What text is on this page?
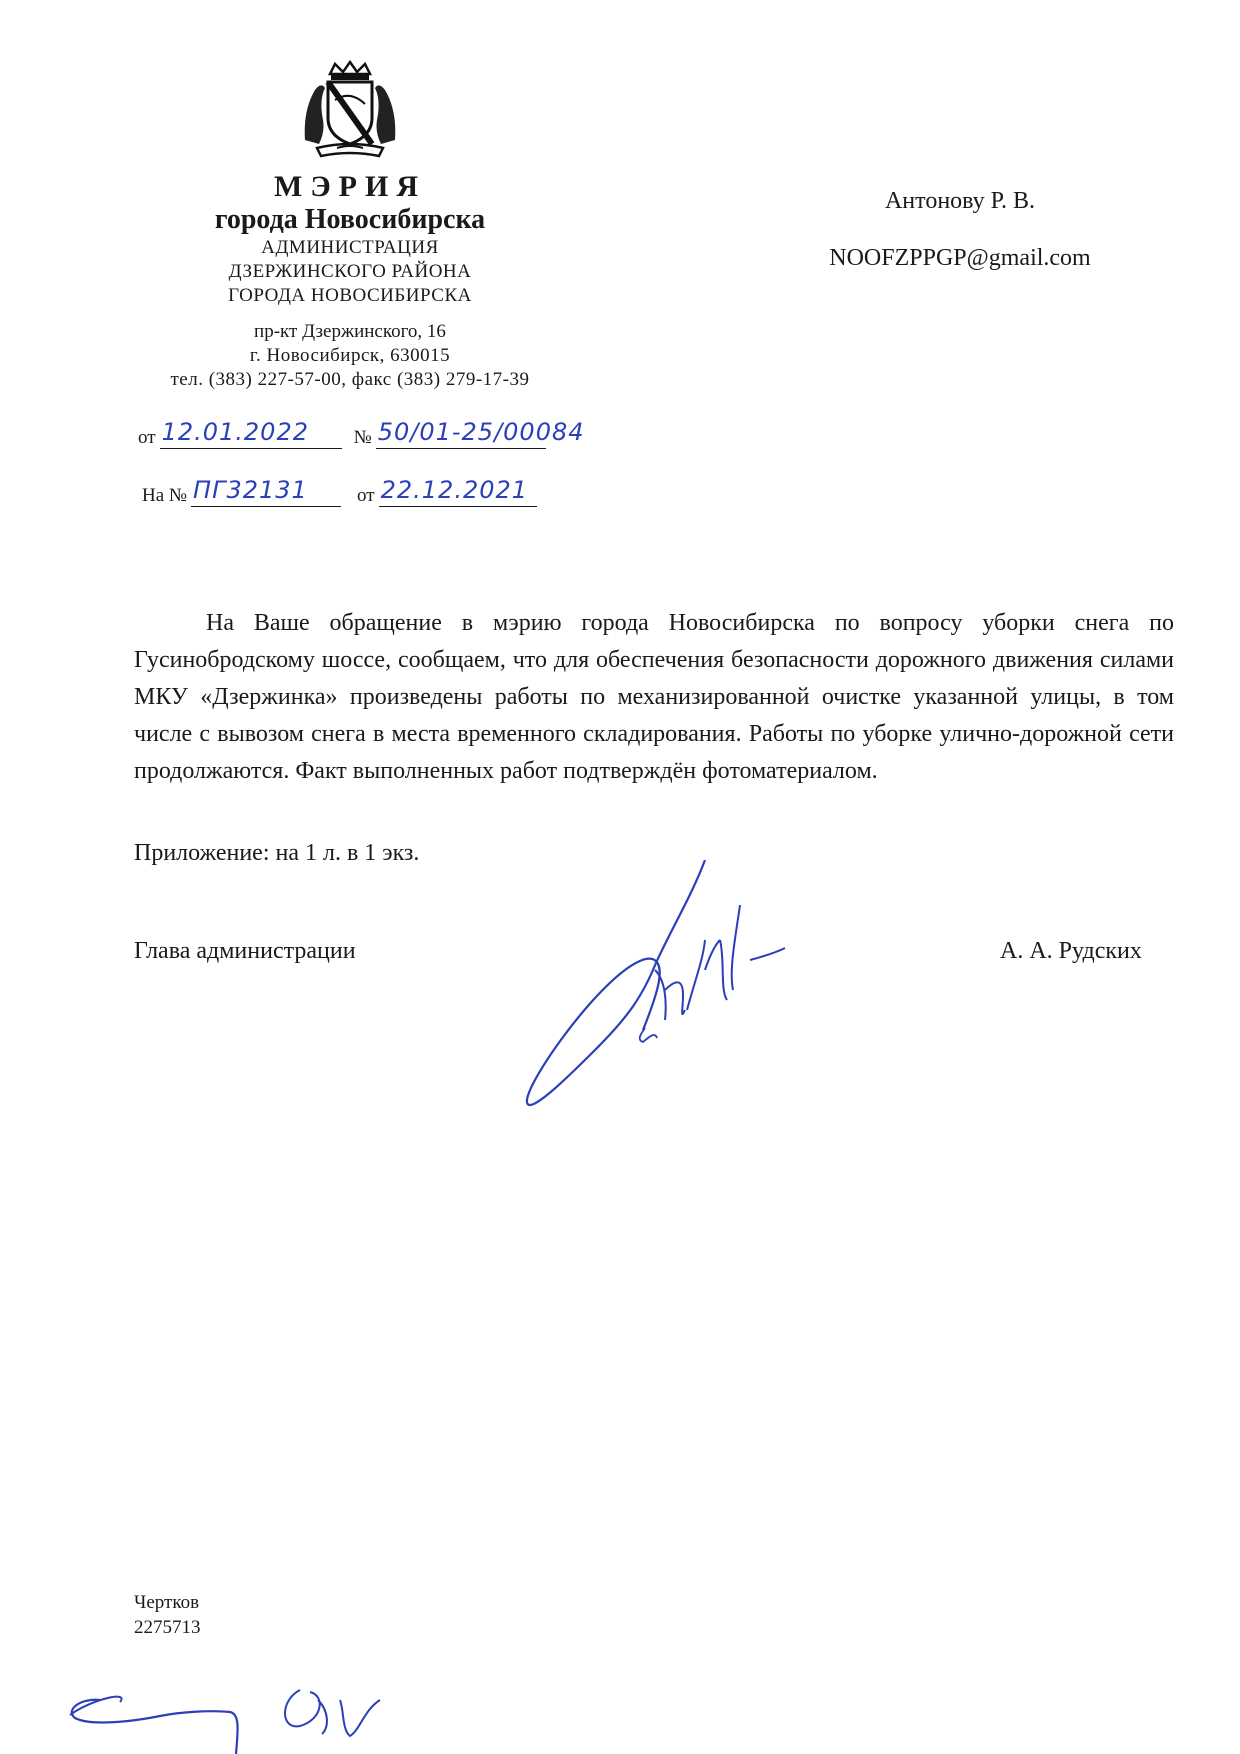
МЭРИЯ
города Новосибирска
АДМИНИСТРАЦИЯ
ДЗЕРЖИНСКОГО РАЙОНА
ГОРОДА НОВОСИБИРСКА
пр-кт Дзержинского, 16
г. Новосибирск, 630015
тел. (383) 227-57-00, факс (383) 279-17-39
от 12.01.2022 № 50/01-25/00084
На № ПГ32131	от 22.12.2021
Антонову Р. В.
NOOFZPPGP@gmail.com

На Ваше обращение в мэрию города Новосибирска по вопросу уборки снега по Гусинобродскому шоссе, сообщаем, что для обеспечения безопасности дорожного движения силами МКУ «Дзержинка» произведены работы по механизированной очистке указанной улицы, в том числе с вывозом снега в места временного складирования. Работы по уборке улично-дорожной сети продолжаются. Факт выполненных работ подтверждён фотоматериалом.

Приложение: на 1 л. в 1 экз.
Глава администрации	А. А. Рудских
Чертков
2275713
